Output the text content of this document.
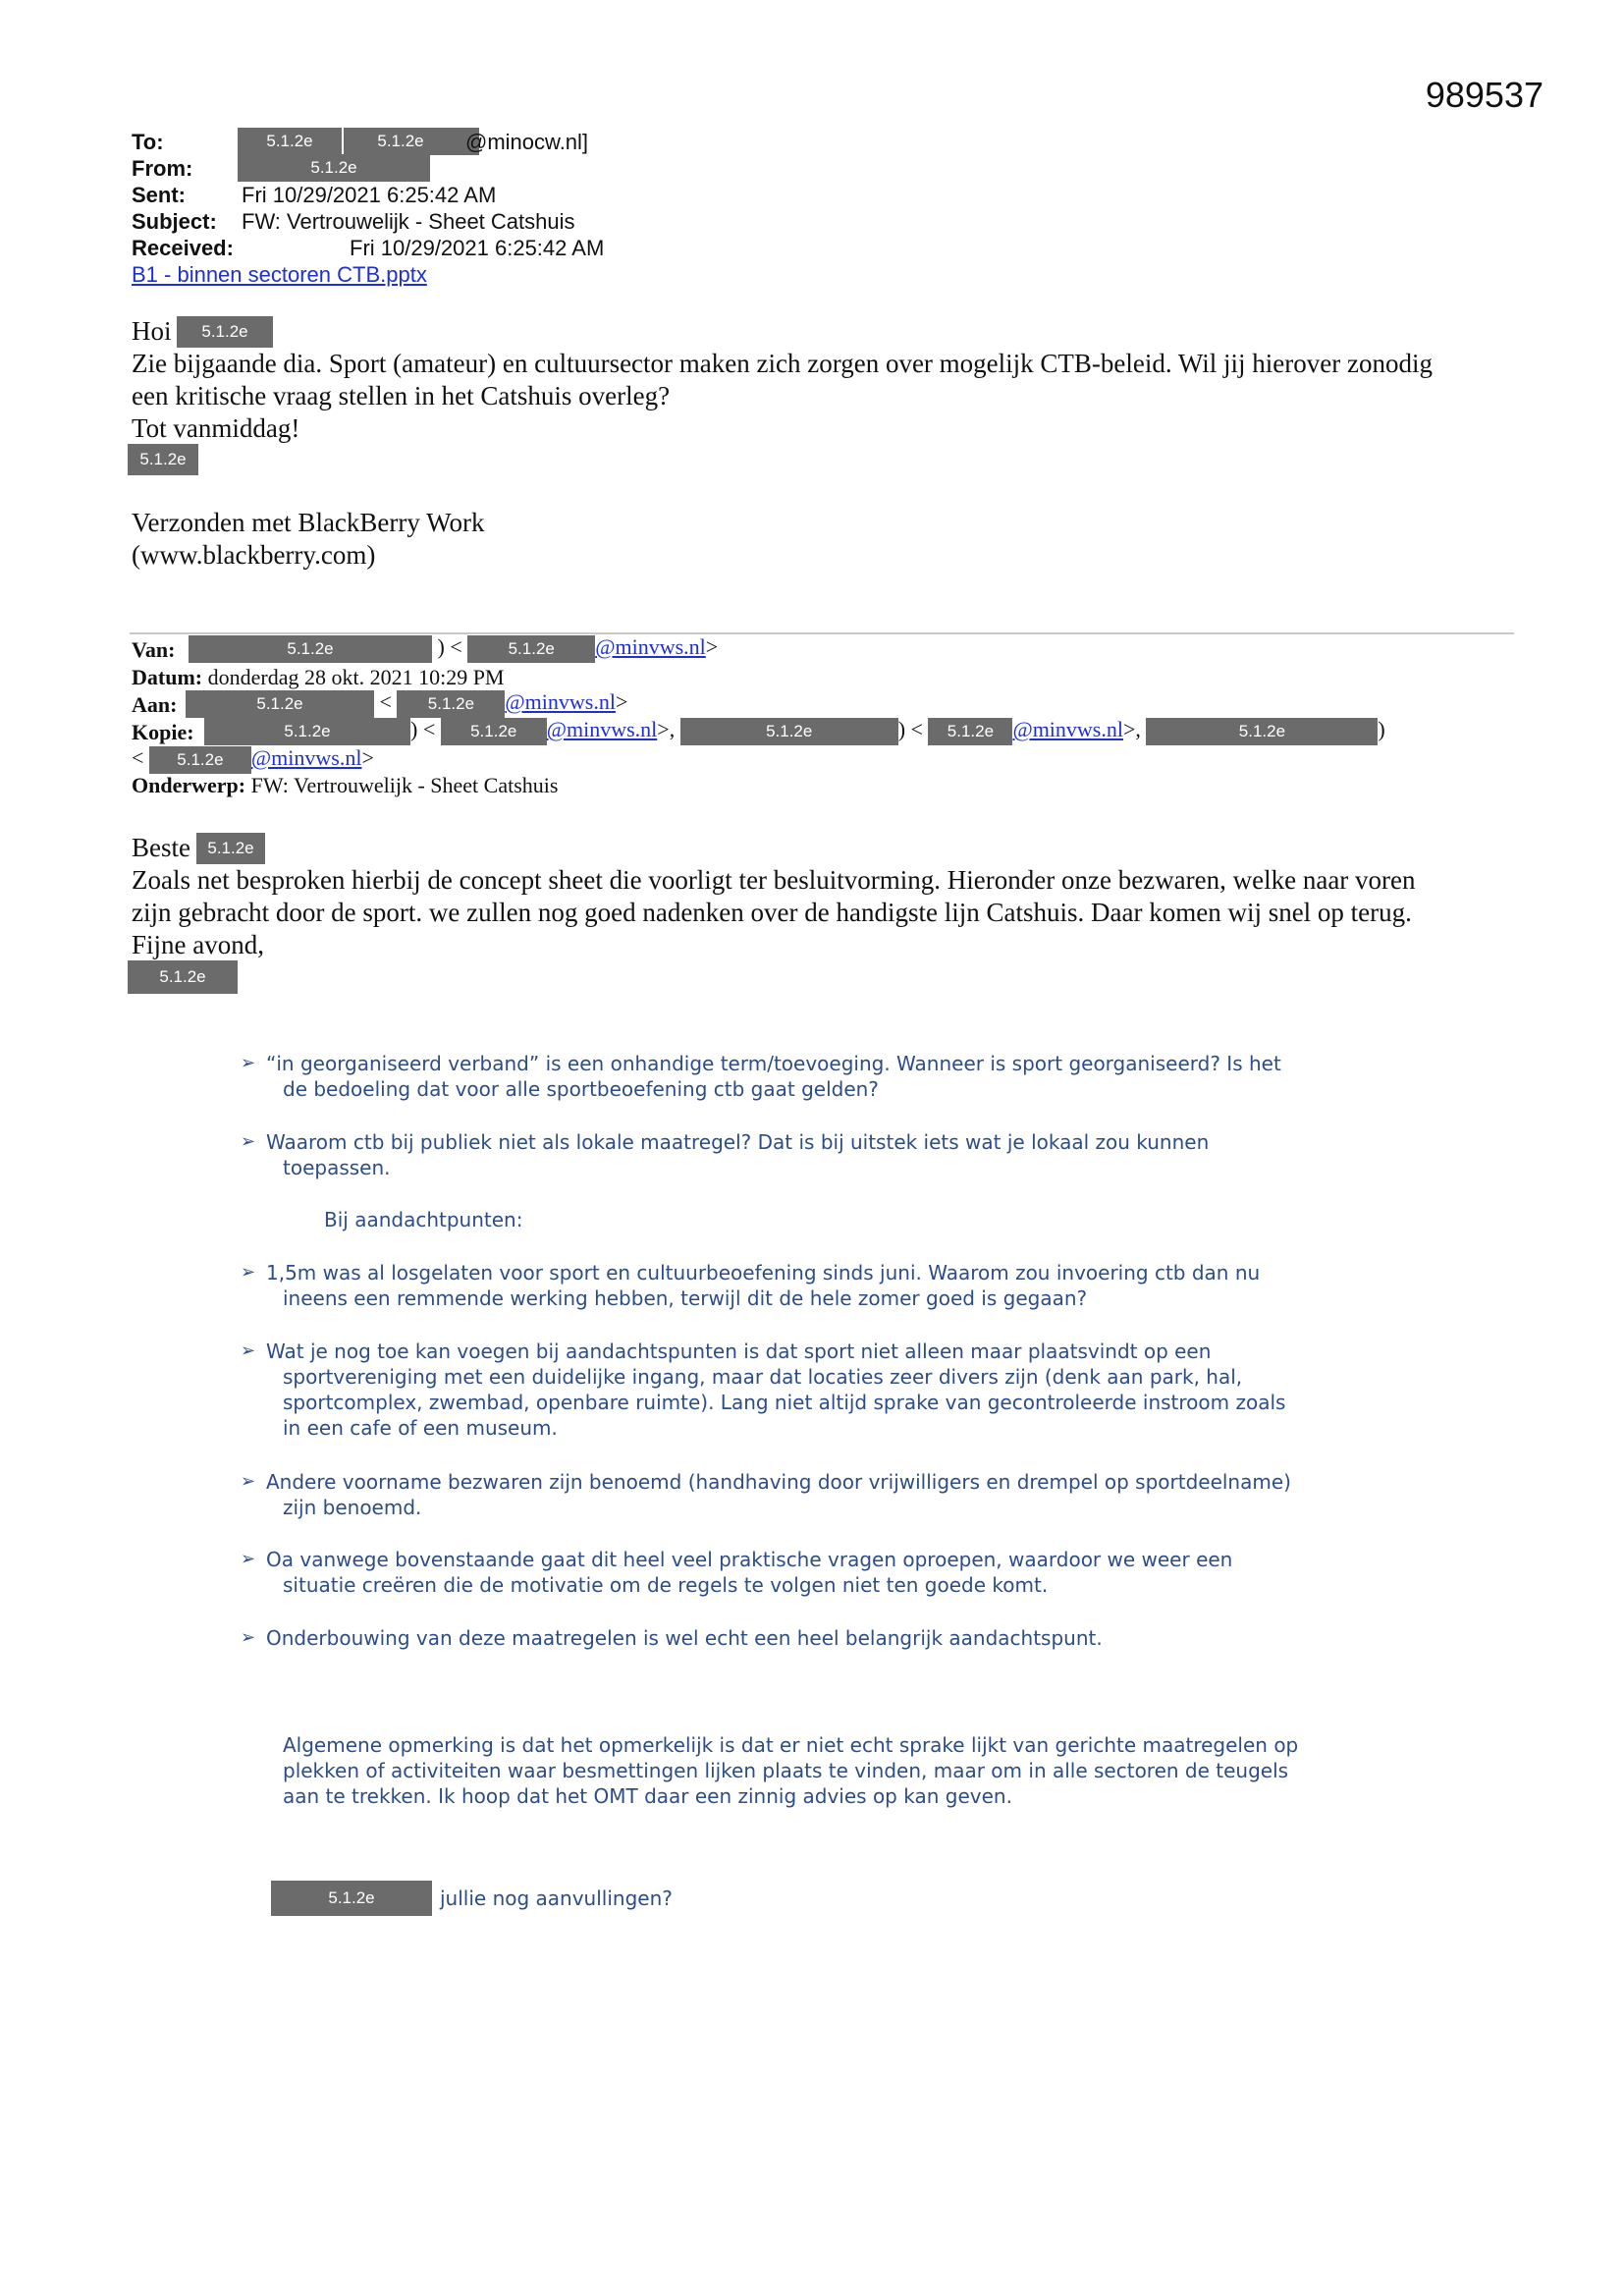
989537
To:	5.1.2e	5.1.2e	@minocw.nl]
From:	5.1.2e
Sent:	Fri 10/29/2021 6:25:42 AM
Subject: FW: Vertrouwelijk - Sheet Catshuis
Received:	Fri 10/29/2021 6:25:42 AM
B1 - binnen sectoren CTB.pptx
Hoi	5.1.2e
Zie bijgaande dia. Sport (amateur) en cultuursector maken zich zorgen over mogelijk CTB-beleid. Wil jij hierover zonodig
een kritische vraag stellen in het Catshuis overleg?
Tot vanmiddag!
5.1.2e
Verzonden met BlackBerry Work
(www.blackberry.com)
Van:	5.1.2e	) < 5.1.2e @minvws.nl>
Datum: donderdag 28 okt. 2021 10:29 PM
Aan:	5.1.2e	< 5.1.2e @minvws.nl>
Kopie:	5.1.2e	) < 5.1.2e @minvws.nl>,	5.1.2e	) < 5.1.2e @minvws.nl>,	5.1.2e	)
< 5.1.2e @minvws.nl>
Onderwerp: FW: Vertrouwelijk - Sheet Catshuis
Beste	5.1.2e
Zoals net besproken hierbij de concept sheet die voorligt ter besluitvorming. Hieronder onze bezwaren, welke naar voren
zijn gebracht door de sport. we zullen nog goed nadenken over de handigste lijn Catshuis. Daar komen wij snel op terug.
Fijne avond,
5.1.2e
➢ “in georganiseerd verband” is een onhandige term/toevoeging. Wanneer is sport georganiseerd? Is het
de bedoeling dat voor alle sportbeoefening ctb gaat gelden?
➢ Waarom ctb bij publiek niet als lokale maatregel? Dat is bij uitstek iets wat je lokaal zou kunnen
toepassen.
Bij aandachtpunten:
➢ 1,5m was al losgelaten voor sport en cultuurbeoefening sinds juni. Waarom zou invoering ctb dan nu
ineens een remmende werking hebben, terwijl dit de hele zomer goed is gegaan?
➢ Wat je nog toe kan voegen bij aandachtspunten is dat sport niet alleen maar plaatsvindt op een
sportvereniging met een duidelijke ingang, maar dat locaties zeer divers zijn (denk aan park, hal,
sportcomplex, zwembad, openbare ruimte). Lang niet altijd sprake van gecontroleerde instroom zoals
in een cafe of een museum.
➢ Andere voorname bezwaren zijn benoemd (handhaving door vrijwilligers en drempel op sportdeelname)
zijn benoemd.
➢ Oa vanwege bovenstaande gaat dit heel veel praktische vragen oproepen, waardoor we weer een
situatie creëren die de motivatie om de regels te volgen niet ten goede komt.
➢ Onderbouwing van deze maatregelen is wel echt een heel belangrijk aandachtspunt.
Algemene opmerking is dat het opmerkelijk is dat er niet echt sprake lijkt van gerichte maatregelen op
plekken of activiteiten waar besmettingen lijken plaats te vinden, maar om in alle sectoren de teugels
aan te trekken. Ik hoop dat het OMT daar een zinnig advies op kan geven.
5.1.2e	jullie nog aanvullingen?
